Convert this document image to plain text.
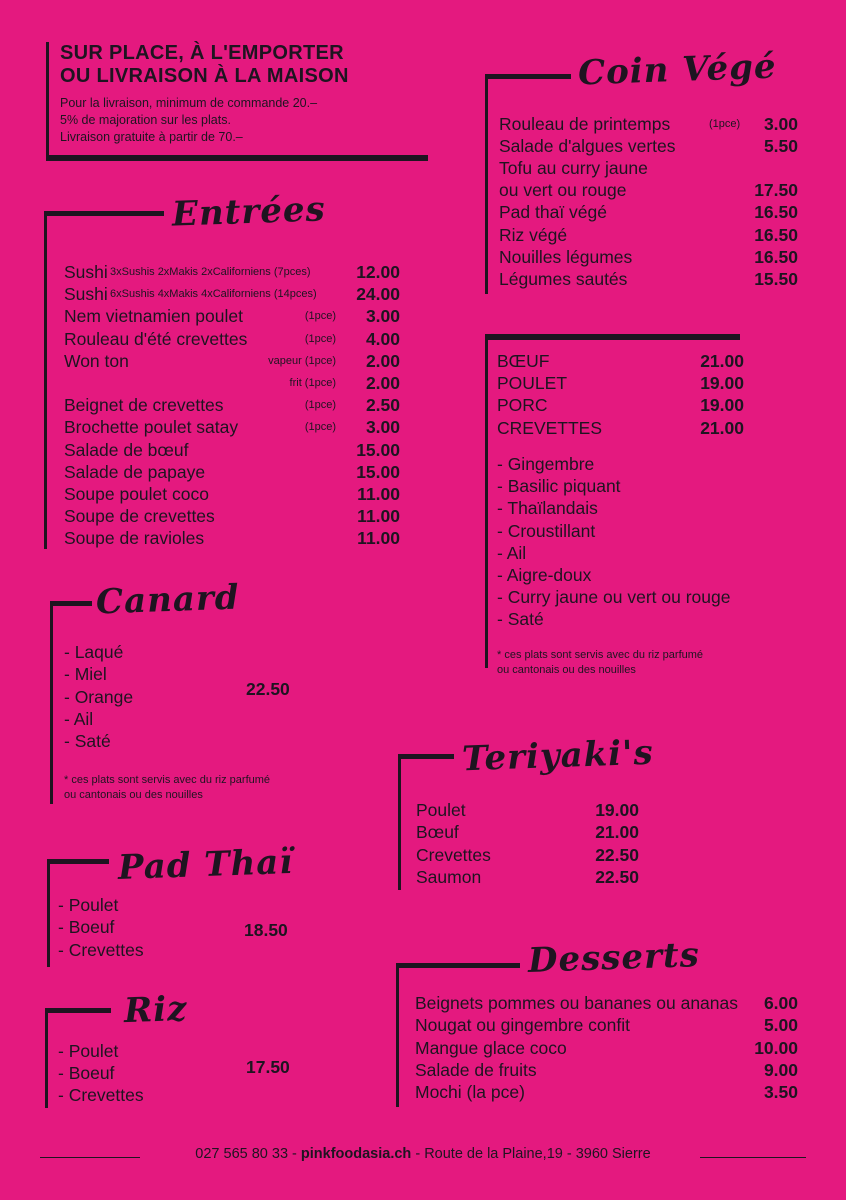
SUR PLACE, À L'EMPORTER
OU LIVRAISON À LA MAISON
Pour la livraison, minimum de commande 20.–
5% de majoration sur les plats.
Livraison gratuite à partir de 70.–
Entrées
Sushi 3xSushis 2xMakis 2xCaliforniens (7pces)	12.00
Sushi 6xSushis 4xMakis 4xCaliforniens (14pces)	24.00
Nem vietnamien poulet	(1pce)	3.00
Rouleau d'été crevettes	(1pce)	4.00
Won ton	vapeur (1pce)	2.00
frit (1pce)	2.00
Beignet de crevettes	(1pce)	2.50
Brochette poulet satay	(1pce)	3.00
Salade de bœuf	15.00
Salade de papaye	15.00
Soupe poulet coco	11.00
Soupe de crevettes	11.00
Soupe de ravioles	11.00
Canard
- Laqué
- Miel
- Orange
- Ail
- Saté
22.50
* ces plats sont servis avec du riz parfumé
ou cantonais ou des nouilles
Pad Thaï
- Poulet
- Boeuf
- Crevettes
18.50
Riz
- Poulet
- Boeuf
- Crevettes
17.50
Coin Végé
Rouleau de printemps	(1pce)	3.00
Salade d'algues vertes	5.50
Tofu au curry jaune
ou vert ou rouge	17.50
Pad thaï végé	16.50
Riz végé	16.50
Nouilles légumes	16.50
Légumes sautés	15.50
BŒUF	21.00
POULET	19.00
PORC	19.00
CREVETTES	21.00
- Gingembre
- Basilic piquant
- Thaïlandais
- Croustillant
- Ail
- Aigre-doux
- Curry jaune ou vert ou rouge
- Saté
* ces plats sont servis avec du riz parfumé
ou cantonais ou des nouilles
Teriyaki's
Poulet	19.00
Bœuf	21.00
Crevettes	22.50
Saumon	22.50
Desserts
Beignets pommes ou bananes ou ananas	6.00
Nougat ou gingembre confit	5.00
Mangue glace coco	10.00
Salade de fruits	9.00
Mochi (la pce)	3.50
027 565 80 33 - pinkfoodasia.ch - Route de la Plaine,19 - 3960 Sierre
